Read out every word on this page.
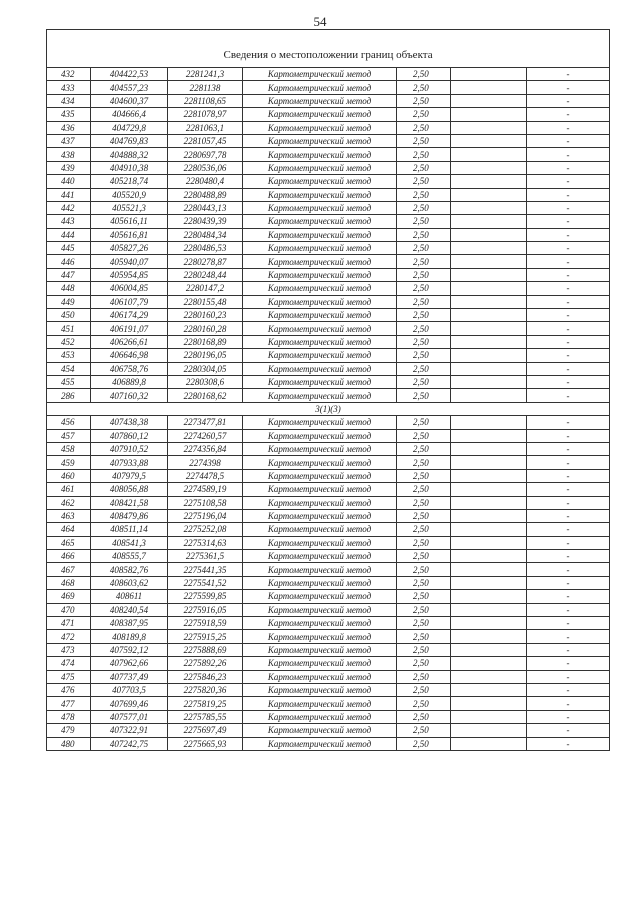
54
Сведения о местоположении границ объекта						
432	404422,53	2281241,3	Картометрический метод	2,50		-
433	404557,23	2281138	Картометрический метод	2,50		-
434	404600,37	2281108,65	Картометрический метод	2,50		-
435	404666,4	2281078,97	Картометрический метод	2,50		-
436	404729,8	2281063,1	Картометрический метод	2,50		-
437	404769,83	2281057,45	Картометрический метод	2,50		-
438	404888,32	2280697,78	Картометрический метод	2,50		-
439	404910,38	2280536,06	Картометрический метод	2,50		-
440	405218,74	2280480,4	Картометрический метод	2,50		-
441	405520,9	2280488,89	Картометрический метод	2,50		-
442	405521,3	2280443,13	Картометрический метод	2,50		-
443	405616,11	2280439,39	Картометрический метод	2,50		-
444	405616,81	2280484,34	Картометрический метод	2,50		-
445	405827,26	2280486,53	Картометрический метод	2,50		-
446	405940,07	2280278,87	Картометрический метод	2,50		-
447	405954,85	2280248,44	Картометрический метод	2,50		-
448	406004,85	2280147,2	Картометрический метод	2,50		-
449	406107,79	2280155,48	Картометрический метод	2,50		-
450	406174,29	2280160,23	Картометрический метод	2,50		-
451	406191,07	2280160,28	Картометрический метод	2,50		-
452	406266,61	2280168,89	Картометрический метод	2,50		-
453	406646,98	2280196,05	Картометрический метод	2,50		-
454	406758,76	2280304,05	Картометрический метод	2,50		-
455	406889,8	2280308,6	Картометрический метод	2,50		-
286	407160,32	2280168,62	Картометрический метод	2,50		-
3(1)(3)						
456	407438,38	2273477,81	Картометрический метод	2,50		-
457	407860,12	2274260,57	Картометрический метод	2,50		-
458	407910,52	2274356,84	Картометрический метод	2,50		-
459	407933,88	2274398	Картометрический метод	2,50		-
460	407979,5	2274478,5	Картометрический метод	2,50		-
461	408056,88	2274589,19	Картометрический метод	2,50		-
462	408421,58	2275108,58	Картометрический метод	2,50		-
463	408479,86	2275196,04	Картометрический метод	2,50		-
464	408511,14	2275252,08	Картометрический метод	2,50		-
465	408541,3	2275314,63	Картометрический метод	2,50		-
466	408555,7	2275361,5	Картометрический метод	2,50		-
467	408582,76	2275441,35	Картометрический метод	2,50		-
468	408603,62	2275541,52	Картометрический метод	2,50		-
469	408611	2275599,85	Картометрический метод	2,50		-
470	408240,54	2275916,05	Картометрический метод	2,50		-
471	408387,95	2275918,59	Картометрический метод	2,50		-
472	408189,8	2275915,25	Картометрический метод	2,50		-
473	407592,12	2275888,69	Картометрический метод	2,50		-
474	407962,66	2275892,26	Картометрический метод	2,50		-
475	407737,49	2275846,23	Картометрический метод	2,50		-
476	407703,5	2275820,36	Картометрический метод	2,50		-
477	407699,46	2275819,25	Картометрический метод	2,50		-
478	407577,01	2275785,55	Картометрический метод	2,50		-
479	407322,91	2275697,49	Картометрический метод	2,50		-
480	407242,75	2275665,93	Картометрический метод	2,50		-
